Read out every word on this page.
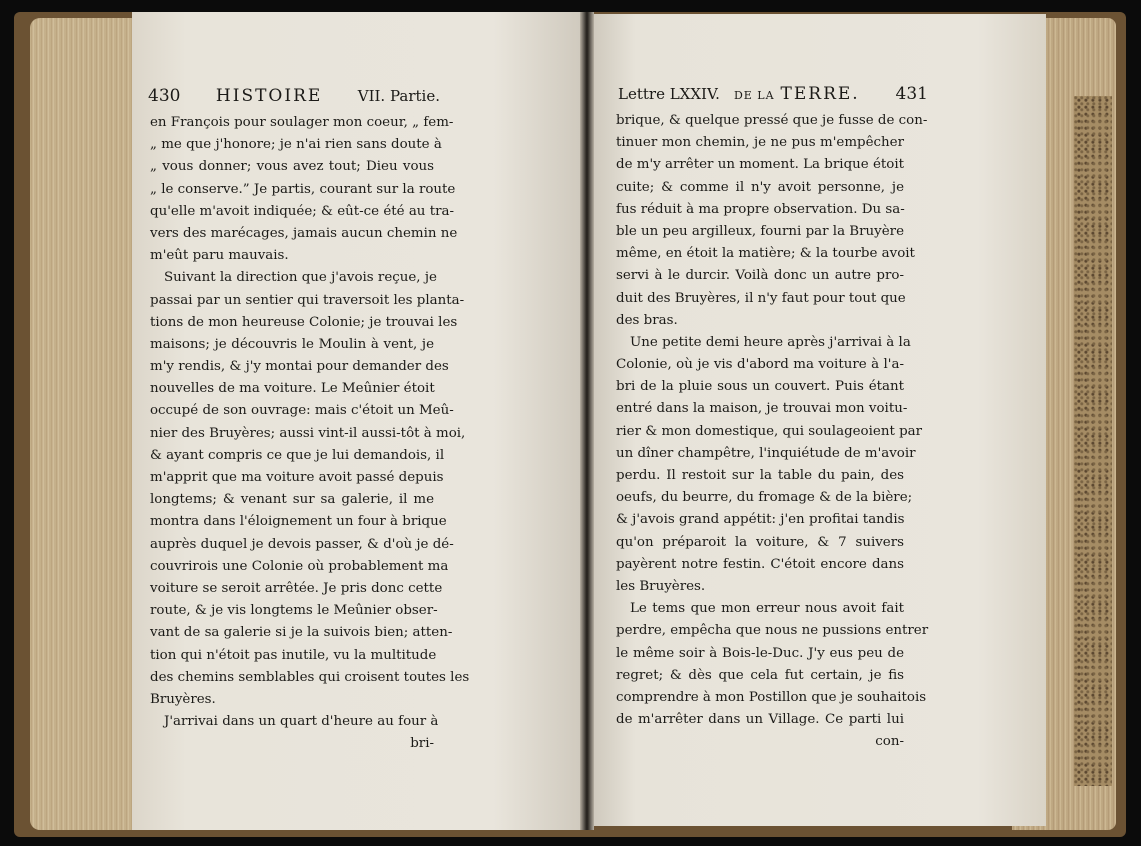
430 HISTOIRE VII. Partie.
en François pour soulager mon coeur, „ fem-
„ me que j'honore; je n'ai rien sans doute à
„ vous donner; vous avez tout; Dieu vous
„ le conserve.” Je partis, courant sur la route
qu'elle m'avoit indiquée; & eût-ce été au tra-
vers des marécages, jamais aucun chemin ne
m'eût paru mauvais.
Suivant la direction que j'avois reçue, je
passai par un sentier qui traversoit les planta-
tions de mon heureuse Colonie; je trouvai les
maisons; je découvris le Moulin à vent, je
m'y rendis, & j'y montai pour demander des
nouvelles de ma voiture. Le Meûnier étoit
occupé de son ouvrage: mais c'étoit un Meû-
nier des Bruyères; aussi vint-il aussi-tôt à moi,
& ayant compris ce que je lui demandois, il
m'apprit que ma voiture avoit passé depuis
longtems; & venant sur sa galerie, il me
montra dans l'éloignement un four à brique
auprès duquel je devois passer, & d'où je dé-
couvrirois une Colonie où probablement ma
voiture se seroit arrêtée. Je pris donc cette
route, & je vis longtems le Meûnier obser-
vant de sa galerie si je la suivois bien; atten-
tion qui n'étoit pas inutile, vu la multitude
des chemins semblables qui croisent toutes les
Bruyères.
J'arrivai dans un quart d'heure au four à
bri-
Lettre LXXIV. DE LA TERRE. 431
brique, & quelque pressé que je fusse de con-
tinuer mon chemin, je ne pus m'empêcher
de m'y arrêter un moment. La brique étoit
cuite; & comme il n'y avoit personne, je
fus réduit à ma propre observation. Du sa-
ble un peu argilleux, fourni par la Bruyère
même, en étoit la matière; & la tourbe avoit
servi à le durcir. Voilà donc un autre pro-
duit des Bruyères, il n'y faut pour tout que
des bras.
Une petite demi heure après j'arrivai à la
Colonie, où je vis d'abord ma voiture à l'a-
bri de la pluie sous un couvert. Puis étant
entré dans la maison, je trouvai mon voitu-
rier & mon domestique, qui soulageoient par
un dîner champêtre, l'inquiétude de m'avoir
perdu. Il restoit sur la table du pain, des
oeufs, du beurre, du fromage & de la bière;
& j'avois grand appétit: j'en profitai tandis
qu'on préparoit la voiture, & 7 suivers
payèrent notre festin. C'étoit encore dans
les Bruyères.
Le tems que mon erreur nous avoit fait
perdre, empêcha que nous ne pussions entrer
le même soir à Bois-le-Duc. J'y eus peu de
regret; & dès que cela fut certain, je fis
comprendre à mon Postillon que je souhaitois
de m'arrêter dans un Village. Ce parti lui
con-
